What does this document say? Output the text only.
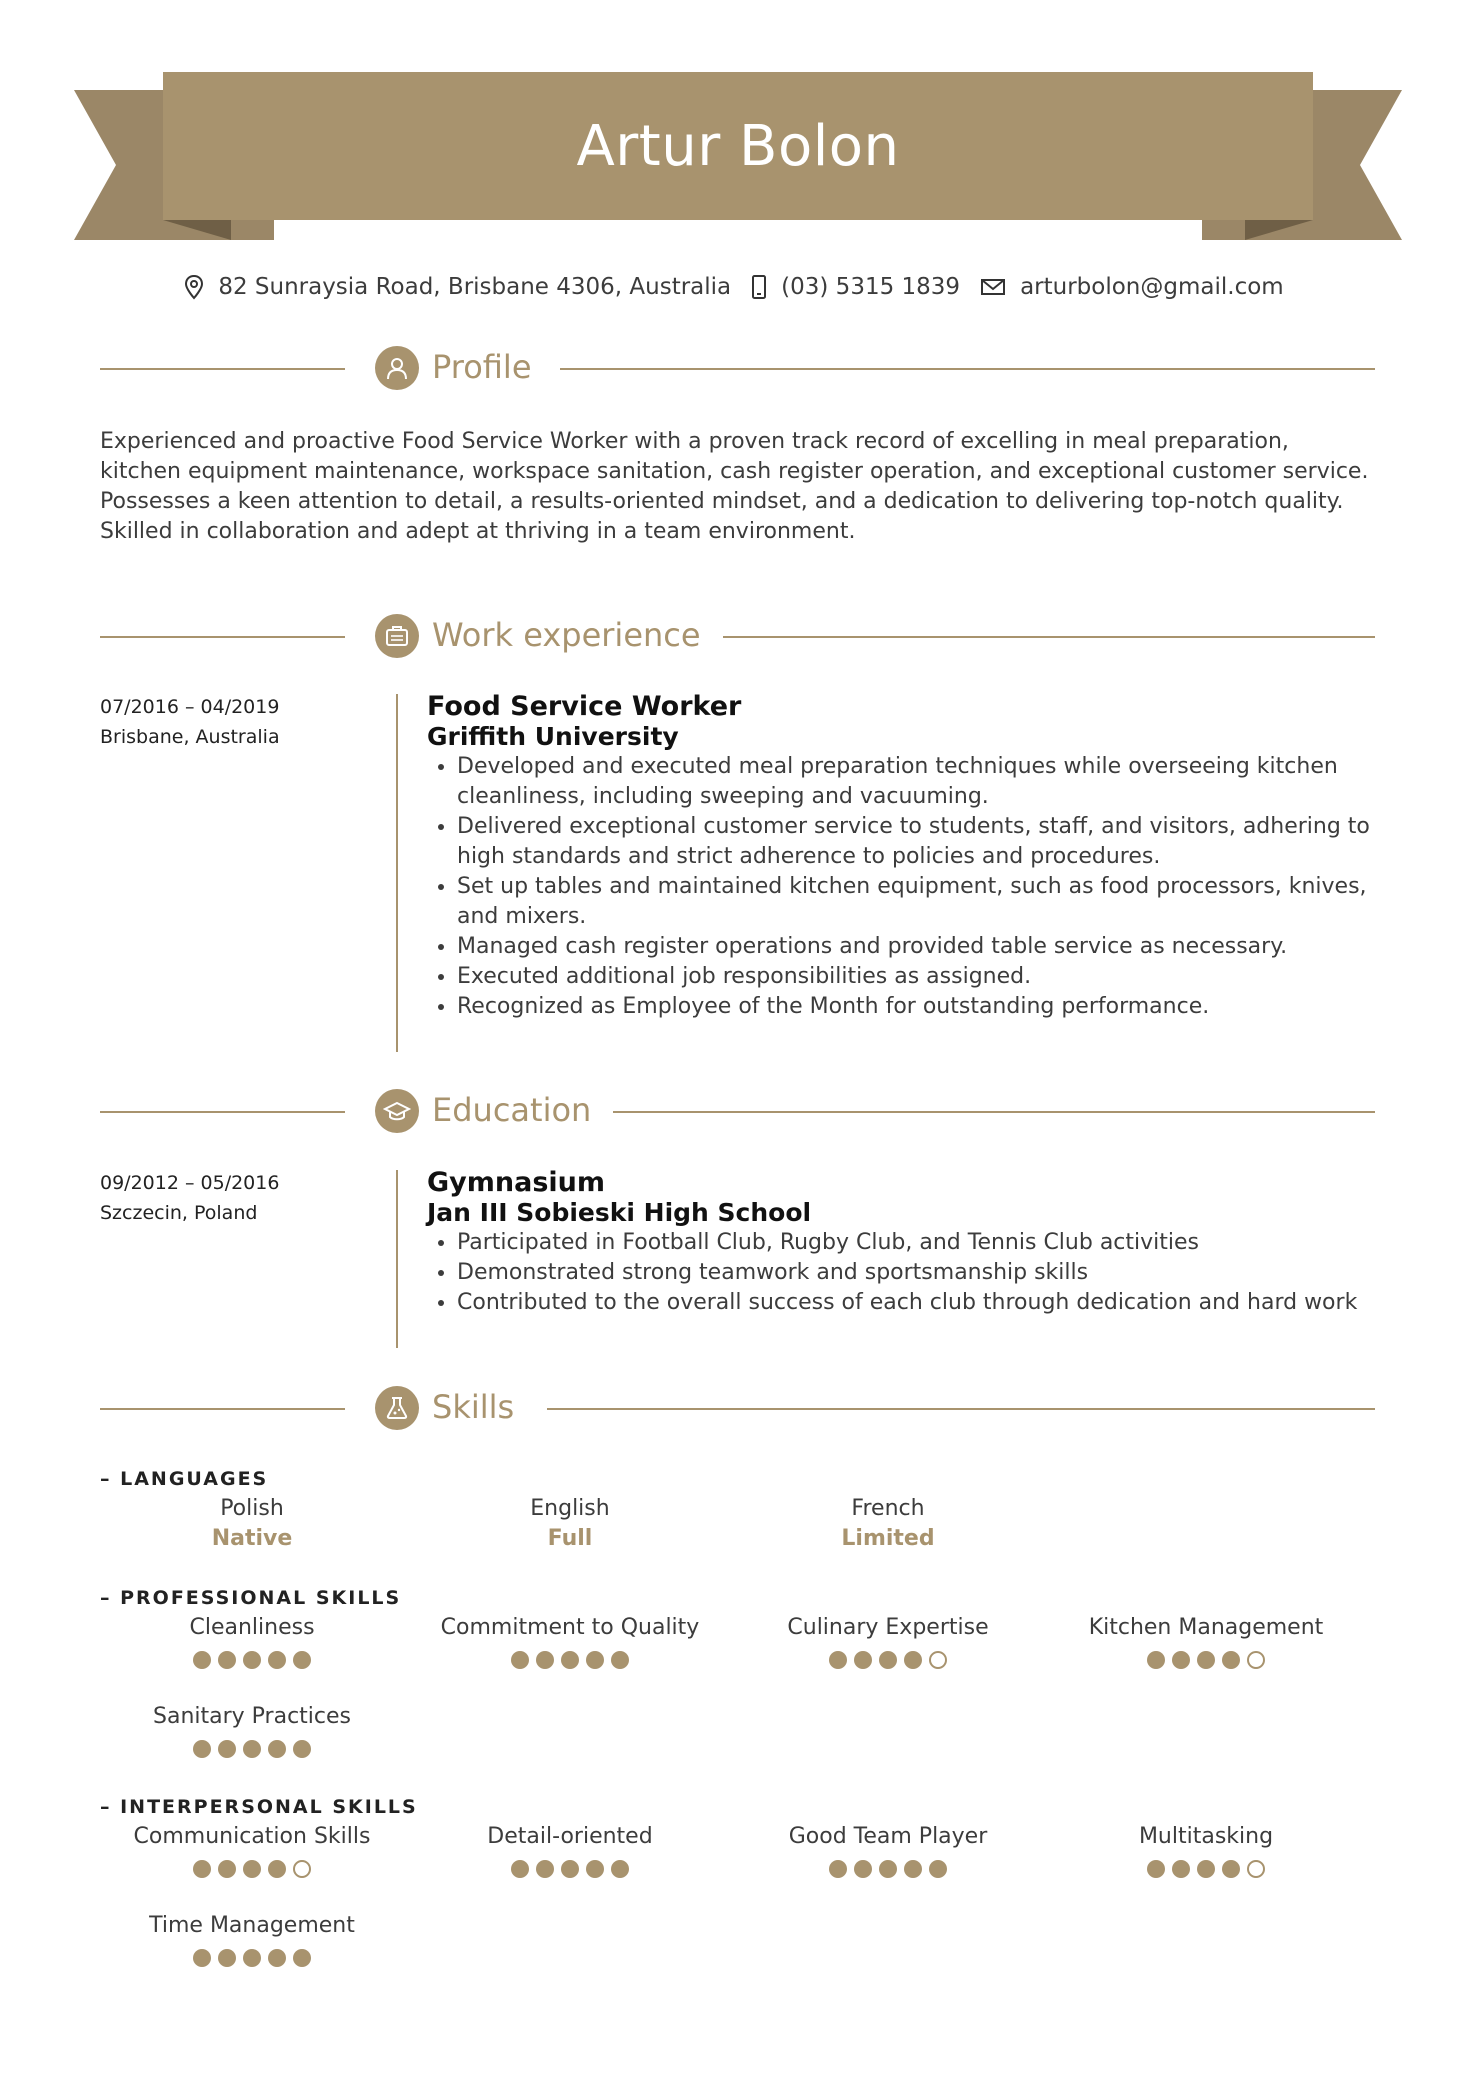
Artur Bolon
82 Sunraysia Road, Brisbane 4306, Australia (03) 5315 1839	arturbolon@gmail.com
Profile
Experienced and proactive Food Service Worker with a proven track record of excelling in meal preparation, kitchen equipment maintenance, workspace sanitation, cash register operation, and exceptional customer service. Possesses a keen attention to detail, a results-oriented mindset, and a dedication to delivering top-notch quality. Skilled in collaboration and adept at thriving in a team environment.
Work experience
07/2016 – 04/2019
Brisbane, Australia
Food Service Worker
Griffith University
• Developed and executed meal preparation techniques while overseeing kitchen cleanliness, including sweeping and vacuuming.
• Delivered exceptional customer service to students, staff, and visitors, adhering to high standards and strict adherence to policies and procedures.
• Set up tables and maintained kitchen equipment, such as food processors, knives, and mixers.
• Managed cash register operations and provided table service as necessary.
• Executed additional job responsibilities as assigned.
• Recognized as Employee of the Month for outstanding performance.
Education
09/2012 – 05/2016
Szczecin, Poland
Gymnasium
Jan III Sobieski High School
• Participated in Football Club, Rugby Club, and Tennis Club activities
• Demonstrated strong teamwork and sportsmanship skills
• Contributed to the overall success of each club through dedication and hard work
Skills
– LANGUAGES
Polish
Native
English
Full
French
Limited
– PROFESSIONAL SKILLS
Cleanliness	Commitment to Quality	Culinary Expertise	Kitchen Management
Sanitary Practices
– INTERPERSONAL SKILLS
Communication Skills	Detail-oriented	Good Team Player	Multitasking
Time Management
